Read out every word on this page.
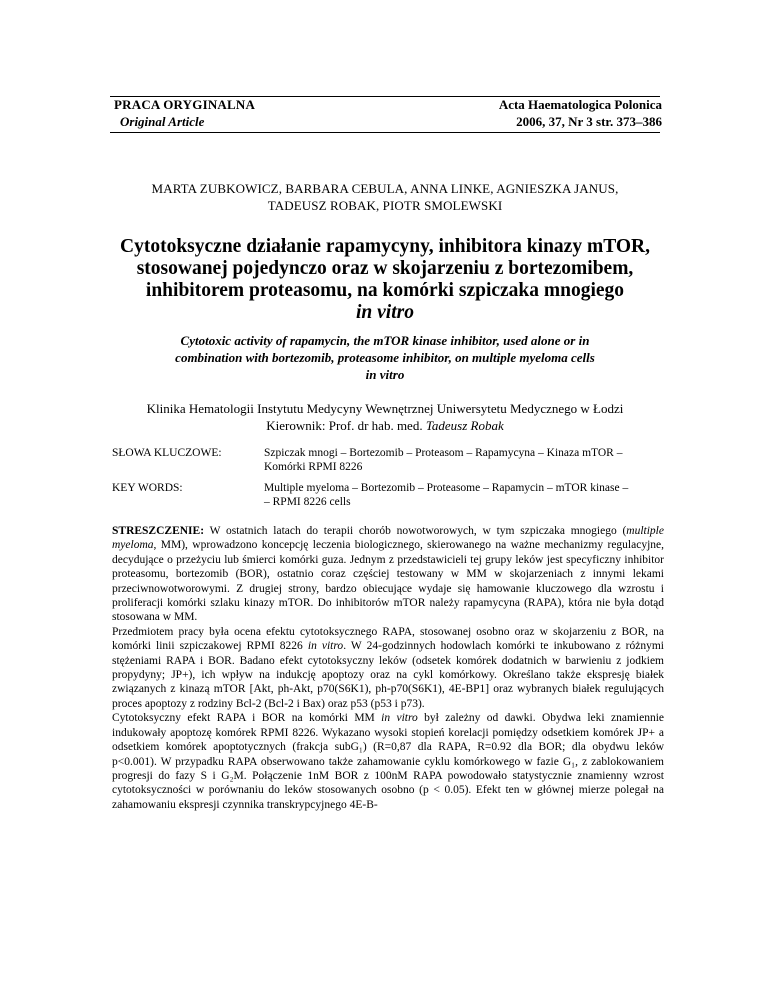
PRACA ORYGINALNA
Original Article
Acta Haematologica Polonica
2006, 37, Nr 3 str. 373–386
MARTA ZUBKOWICZ, BARBARA CEBULA, ANNA LINKE, AGNIESZKA JANUS,
TADEUSZ ROBAK, PIOTR SMOLEWSKI
Cytotoksyczne działanie rapamycyny, inhibitora kinazy mTOR,
stosowanej pojedynczo oraz w skojarzeniu z bortezomibem,
inhibitorem proteasomu, na komórki szpiczaka mnogiego
in vitro
Cytotoxic activity of rapamycin, the mTOR kinase inhibitor, used alone or in
combination with bortezomib, proteasome inhibitor, on multiple myeloma cells
in vitro
Klinika Hematologii Instytutu Medycyny Wewnętrznej Uniwersytetu Medycznego w Łodzi
Kierownik: Prof. dr hab. med. Tadeusz Robak
SŁOWA KLUCZOWE:	Szpiczak mnogi – Bortezomib – Proteasom – Rapamycyna – Kinaza mTOR –
Komórki RPMI 8226
KEY WORDS:	Multiple myeloma – Bortezomib – Proteasome – Rapamycin – mTOR kinase –
– RPMI 8226 cells

STRESZCZENIE: W ostatnich latach do terapii chorób nowotworowych, w tym szpiczaka mnogiego (multiple myeloma, MM), wprowadzono koncepcję leczenia biologicznego, skierowanego na ważne mechanizmy regulacyjne, decydujące o przeżyciu lub śmierci komórki guza. Jednym z przedstawicieli tej grupy leków jest specyficzny inhibitor proteasomu, bortezomib (BOR), ostatnio coraz częściej testowany w MM w skojarzeniach z innymi lekami przeciwnowotworowymi. Z drugiej strony, bardzo obiecujące wydaje się hamowanie kluczowego dla wzrostu i proliferacji komórki szlaku kinazy mTOR. Do inhibitorów mTOR należy rapamycyna (RAPA), która nie była dotąd stosowana w MM.

Przedmiotem pracy była ocena efektu cytotoksycznego RAPA, stosowanej osobno oraz w skojarzeniu z BOR, na komórki linii szpiczakowej RPMI 8226 in vitro. W 24-godzinnych hodowlach komórki te inkubowano z różnymi stężeniami RAPA i BOR. Badano efekt cytotoksyczny leków (odsetek komórek dodatnich w barwieniu z jodkiem propydyny; JP+), ich wpływ na indukcję apoptozy oraz na cykl komórkowy. Określano także ekspresję białek związanych z kinazą mTOR [Akt, ph-Akt, p70(S6K1), ph-p70(S6K1), 4E-BP1] oraz wybranych białek regulujących proces apoptozy z rodziny Bcl-2 (Bcl-2 i Bax) oraz p53 (p53 i p73).

Cytotoksyczny efekt RAPA i BOR na komórki MM in vitro był zależny od dawki. Obydwa leki znamiennie indukowały apoptozę komórek RPMI 8226. Wykazano wysoki stopień korelacji pomiędzy odsetkiem komórek JP+ a odsetkiem komórek apoptotycznych (frakcja subG₁) (R=0,87 dla RAPA, R=0.92 dla BOR; dla obydwu leków p<0.001). W przypadku RAPA obserwowano także zahamowanie cyklu komórkowego w fazie G₁, z zablokowaniem progresji do fazy S i G₂M. Połączenie 1nM BOR z 100nM RAPA powodowało statystycznie znamienny wzrost cytotoksyczności w porównaniu do leków stosowanych osobno (p < 0.05). Efekt ten w głównej mierze polegał na zahamowaniu ekspresji czynnika transkrypcyjnego 4E-B-
